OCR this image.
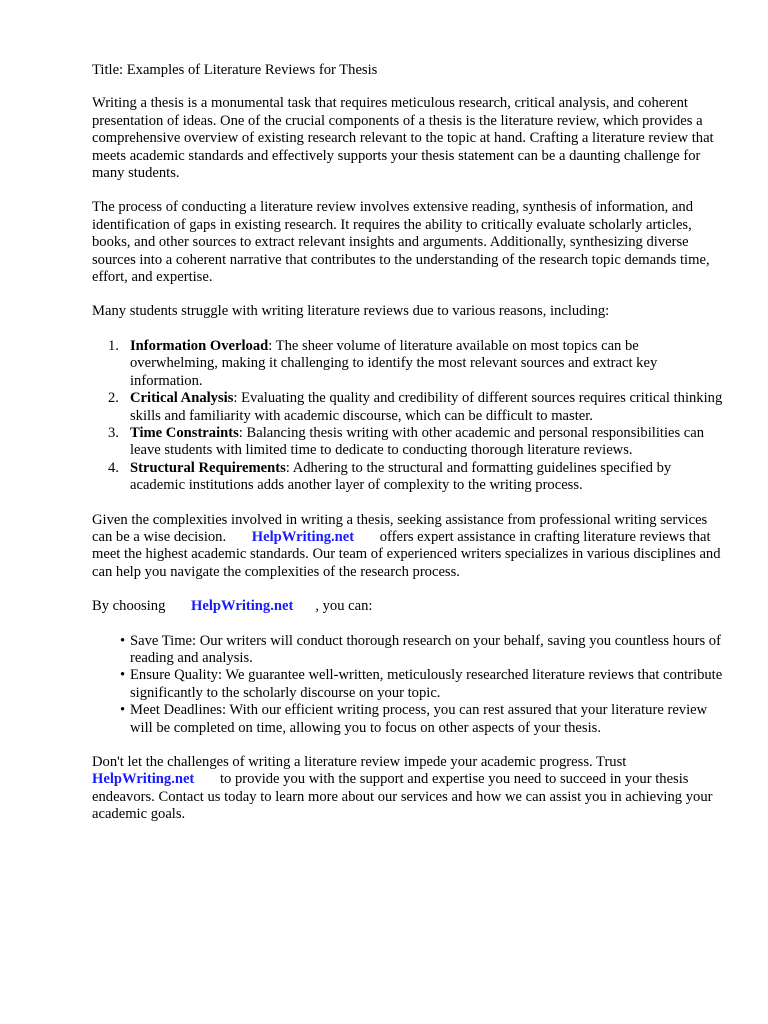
Title: Examples of Literature Reviews for Thesis

Writing a thesis is a monumental task that requires meticulous research, critical analysis, and coherent presentation of ideas. One of the crucial components of a thesis is the literature review, which provides a comprehensive overview of existing research relevant to the topic at hand. Crafting a literature review that meets academic standards and effectively supports your thesis statement can be a daunting challenge for many students.

The process of conducting a literature review involves extensive reading, synthesis of information, and identification of gaps in existing research. It requires the ability to critically evaluate scholarly articles, books, and other sources to extract relevant insights and arguments. Additionally, synthesizing diverse sources into a coherent narrative that contributes to the understanding of the research topic demands time, effort, and expertise.

Many students struggle with writing literature reviews due to various reasons, including:

1. Information Overload: The sheer volume of literature available on most topics can be overwhelming, making it challenging to identify the most relevant sources and extract key information.
2. Critical Analysis: Evaluating the quality and credibility of different sources requires critical thinking skills and familiarity with academic discourse, which can be difficult to master.
3. Time Constraints: Balancing thesis writing with other academic and personal responsibilities can leave students with limited time to dedicate to conducting thorough literature reviews.
4. Structural Requirements: Adhering to the structural and formatting guidelines specified by academic institutions adds another layer of complexity to the writing process.

Given the complexities involved in writing a thesis, seeking assistance from professional writing services can be a wise decision. HelpWriting.net offers expert assistance in crafting literature reviews that meet the highest academic standards. Our team of experienced writers specializes in various disciplines and can help you navigate the complexities of the research process.

By choosing HelpWriting.net , you can:

• Save Time: Our writers will conduct thorough research on your behalf, saving you countless hours of reading and analysis.
• Ensure Quality: We guarantee well-written, meticulously researched literature reviews that contribute significantly to the scholarly discourse on your topic.
• Meet Deadlines: With our efficient writing process, you can rest assured that your literature review will be completed on time, allowing you to focus on other aspects of your thesis.

Don't let the challenges of writing a literature review impede your academic progress. Trust HelpWriting.net to provide you with the support and expertise you need to succeed in your thesis endeavors. Contact us today to learn more about our services and how we can assist you in achieving your academic goals.
